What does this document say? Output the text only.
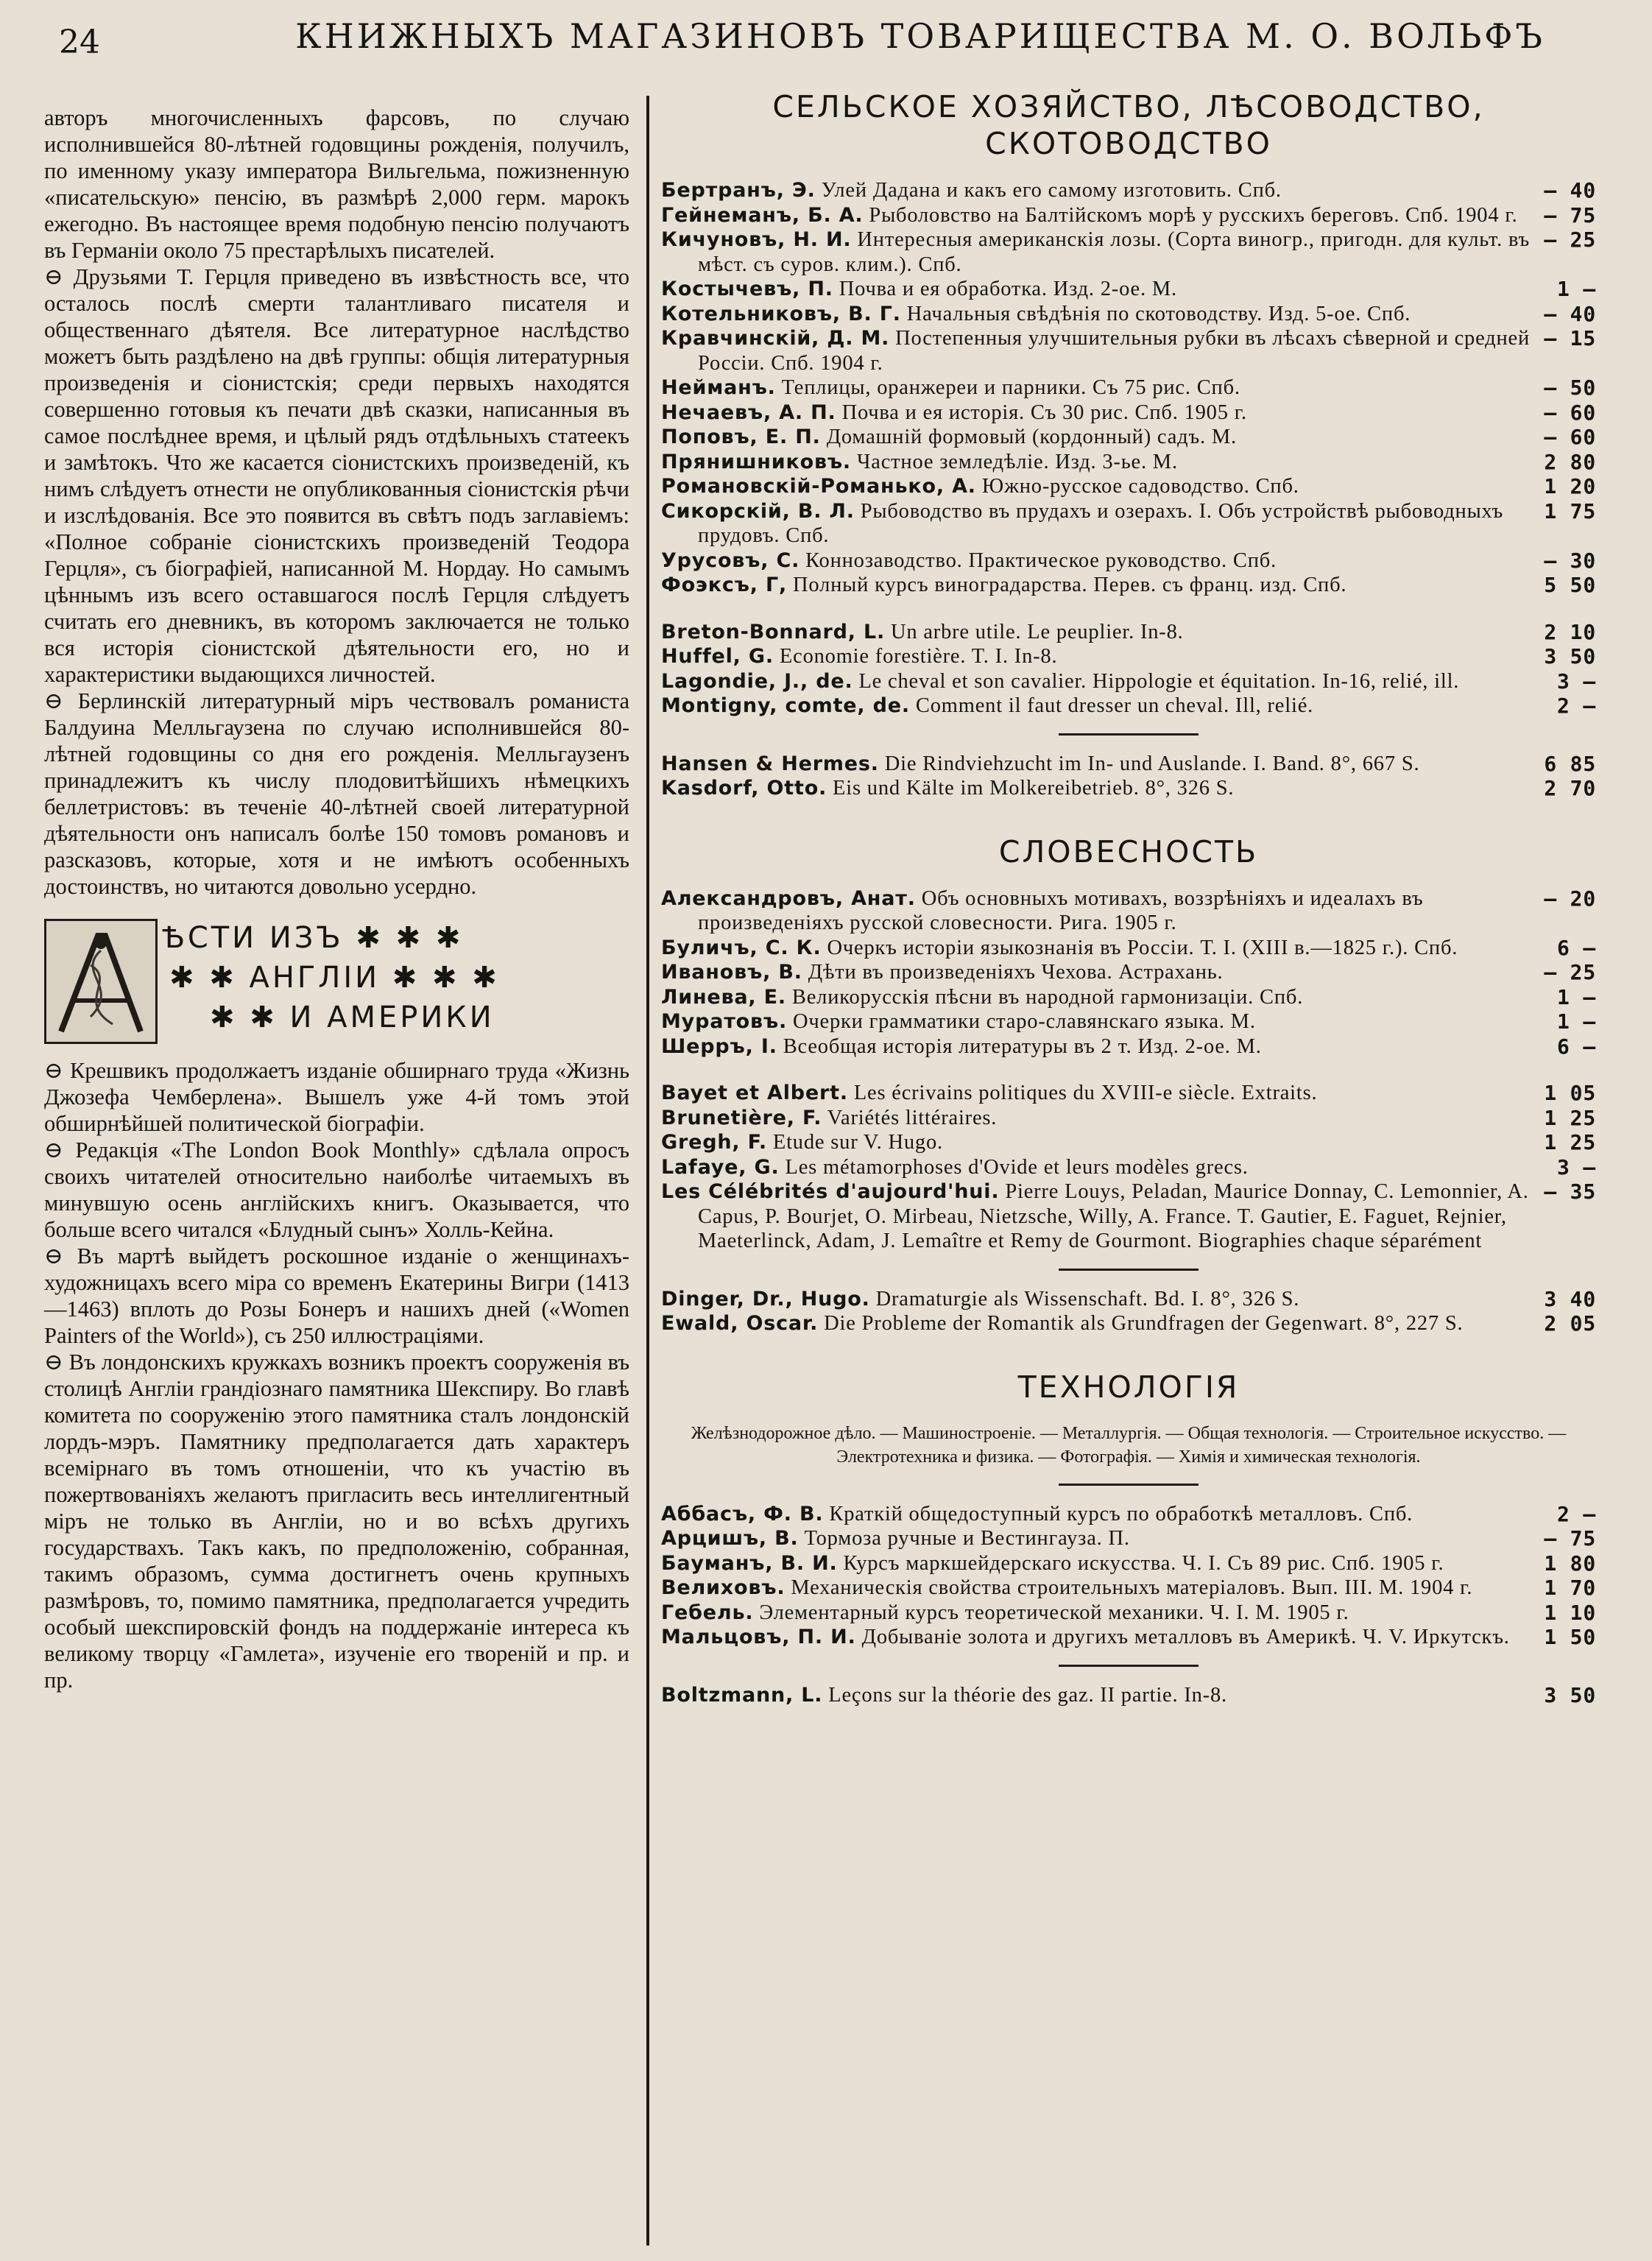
24	КНИЖНЫХЪ МАГАЗИНОВЪ ТОВАРИЩЕСТВА М. О. ВОЛЬФЪ

авторъ многочисленныхъ фарсовъ, по случаю исполнившейся 80-лѣтней годовщины рожденія, получилъ, по именному указу императора Вильгельма, пожизненную «писательскую» пенсію, въ размѣрѣ 2,000 герм. марокъ ежегодно. Въ настоящее время подобную пенсію получаютъ въ Германіи около 75 престарѣлыхъ писателей.

⊖ Друзьями Т. Герцля приведено въ извѣстность все, что осталось послѣ смерти талантливаго писателя и общественнаго дѣятеля. Все литературное наслѣдство можетъ быть раздѣлено на двѣ группы: общія литературныя произведенія и сіонистскія; среди первыхъ находятся совершенно готовыя къ печати двѣ сказки, написанныя въ самое послѣднее время, и цѣлый рядъ отдѣльныхъ статеекъ и замѣтокъ. Что же касается сіонистскихъ произведеній, къ нимъ слѣдуетъ отнести не опубликованныя сіонистскія рѣчи и изслѣдованія. Все это появится въ свѣтъ подъ заглавіемъ: «Полное собраніе сіонистскихъ произведеній Теодора Герцля», съ біографіей, написанной М. Нордау. Но самымъ цѣннымъ изъ всего оставшагося послѣ Герцля слѣдуетъ считать его дневникъ, въ которомъ заключается не только вся исторія сіонистской дѣятельности его, но и характеристики выдающихся личностей.

⊖ Берлинскій литературный міръ чествовалъ романиста Балдуина Мелльгаузена по случаю исполнившейся 80-лѣтней годовщины со дня его рожденія. Мелльгаузенъ принадлежитъ къ числу плодовитѣйшихъ нѣмецкихъ беллетристовъ: въ теченіе 40-лѣтней своей литературной дѣятельности онъ написалъ болѣе 150 томовъ романовъ и разсказовъ, которые, хотя и не имѣютъ особенныхъ достоинствъ, но читаются довольно усердно.

ѢСТИ ИЗЪ ✱ ✱ ✱
✱ ✱ АНГЛІИ ✱ ✱ ✱
✱ ✱ И АМЕРИКИ

⊖ Крешвикъ продолжаетъ изданіе обширнаго труда «Жизнь Джозефа Чемберлена». Вышелъ уже 4-й томъ этой обширнѣйшей политической біографіи.

⊖ Редакція «The London Book Monthly» сдѣлала опросъ своихъ читателей относительно наиболѣе читаемыхъ въ минувшую осень англійскихъ книгъ. Оказывается, что больше всего читался «Блудный сынъ» Холль-Кейна.

⊖ Въ мартѣ выйдетъ роскошное изданіе о женщинахъ-художницахъ всего міра со временъ Екатерины Вигри (1413—1463) вплоть до Розы Бонеръ и нашихъ дней («Women Painters of the World»), съ 250 иллюстраціями.

⊖ Въ лондонскихъ кружкахъ возникъ проектъ сооруженія въ столицѣ Англіи грандіознаго памятника Шекспиру. Во главѣ комитета по сооруженію этого памятника сталъ лондонскій лордъ-мэръ. Памятнику предполагается дать характеръ всемірнаго въ томъ отношеніи, что къ участію въ пожертвованіяхъ желаютъ пригласить весь интеллигентный міръ не только въ Англіи, но и во всѣхъ другихъ государствахъ. Такъ какъ, по предположенію, собранная, такимъ образомъ, сумма достигнетъ очень крупныхъ размѣровъ, то, помимо памятника, предполагается учредить особый шекспировскій фондъ на поддержаніе интереса къ великому творцу «Гамлета», изученіе его твореній и пр. и пр.

СЕЛЬСКОЕ ХОЗЯЙСТВО, ЛѢСОВОДСТВО, СКОТОВОДСТВО
— 40
Бертранъ, Э. Улей Дадана и какъ его самому изготовить. Спб.
— 75
Гейнеманъ, Б. А. Рыболовство на Балтійскомъ морѣ у русскихъ береговъ. Спб. 1904 г.
— 25
Кичуновъ, Н. И. Интересныя американскія лозы. (Сорта виногр., пригодн. для культ. въ мѣст. съ суров. клим.). Спб.
1 —
Костычевъ, П. Почва и ея обработка. Изд. 2-ое. М.
— 40
Котельниковъ, В. Г. Начальныя свѣдѣнія по скотоводству. Изд. 5-ое. Спб.
— 15
Кравчинскій, Д. М. Постепенныя улучшительныя рубки въ лѣсахъ сѣверной и средней Россіи. Спб. 1904 г.
— 50
Нейманъ. Теплицы, оранжереи и парники. Съ 75 рис. Спб.
— 60
Нечаевъ, А. П. Почва и ея исторія. Съ 30 рис. Спб. 1905 г.
— 60
Поповъ, Е. П. Домашній формовый (кордонный) садъ. М.
2 80
Прянишниковъ. Частное земледѣліе. Изд. 3-ье. М.
1 20
Романовскій-Романько, А. Южно-русское садоводство. Спб.
1 75
Сикорскій, В. Л. Рыбоводство въ прудахъ и озерахъ. I. Объ устройствѣ рыбоводныхъ прудовъ. Спб.
— 30
Урусовъ, С. Коннозаводство. Практическое руководство. Спб.
5 50
Фоэксъ, Г, Полный курсъ виноградарства. Перев. съ франц. изд. Спб.
2 10
Breton-Bonnard, L. Un arbre utile. Le peuplier. In-8.
3 50
Huffel, G. Economie forestière. T. I. In-8.
3 —
Lagondie, J., de. Le cheval et son cavalier. Hippologie et équitation. In-16, relié, ill.
2 —
Montigny, comte, de. Comment il faut dresser un cheval. Ill, relié.
6 85
Hansen & Hermes. Die Rindviehzucht im In- und Auslande. I. Band. 8°, 667 S.
2 70
Kasdorf, Otto. Eis und Kälte im Molkereibetrieb. 8°, 326 S.
СЛОВЕСНОСТЬ
— 20
Александровъ, Анат. Объ основныхъ мотивахъ, воззрѣніяхъ и идеалахъ въ произведеніяхъ русской словесности. Рига. 1905 г.
6 —
Буличъ, С. К. Очеркъ исторіи языкознанія въ Россіи. Т. I. (XIII в.—1825 г.). Спб.
— 25
Ивановъ, В. Дѣти въ произведеніяхъ Чехова. Астрахань.
1 —
Линева, Е. Великорусскія пѣсни въ народной гармонизаціи. Спб.
1 —
Муратовъ. Очерки грамматики старо-славянскаго языка. М.
6 —
Шерръ, I. Всеобщая исторія литературы въ 2 т. Изд. 2-ое. М.
1 05
Bayet et Albert. Les écrivains politiques du XVIII-e siècle. Extraits.
1 25
Brunetière, F. Variétés littéraires.
1 25
Gregh, F. Etude sur V. Hugo.
3 —
Lafaye, G. Les métamorphoses d'Ovide et leurs modèles grecs.
— 35
Les Célébrités d'aujourd'hui. Pierre Louys, Peladan, Maurice Donnay, C. Lemonnier, A. Capus, P. Bourjet, O. Mirbeau, Nietzsche, Willy, A. France. T. Gautier, E. Faguet, Rejnier, Maeterlinck, Adam, J. Lemaître et Remy de Gourmont. Biographies chaque séparément
3 40
Dinger, Dr., Hugo. Dramaturgie als Wissenschaft. Bd. I. 8°, 326 S.
2 05
Ewald, Oscar. Die Probleme der Romantik als Grundfragen der Gegenwart. 8°, 227 S.
ТЕХНОЛОГІЯ
Желѣзнодорожное дѣло. — Машиностроеніе. — Металлургія. — Общая технологія. — Строительное искусство. — Электротехника и физика. — Фотографія. — Химія и химическая технологія.
2 —
Аббасъ, Ф. В. Краткій общедоступный курсъ по обработкѣ металловъ. Спб.
— 75
Арцишъ, В. Тормоза ручные и Вестингауза. П.
1 80
Бауманъ, В. И. Курсъ маркшейдерскаго искусства. Ч. I. Съ 89 рис. Спб. 1905 г.
1 70
Велиховъ. Механическія свойства строительныхъ матеріаловъ. Вып. III. М. 1904 г.
1 10
Гебель. Элементарный курсъ теоретической механики. Ч. I. М. 1905 г.
1 50
Мальцовъ, П. И. Добываніе золота и другихъ металловъ въ Америкѣ. Ч. V. Иркутскъ.
3 50
Boltzmann, L. Leçons sur la théorie des gaz. II partie. In-8.
